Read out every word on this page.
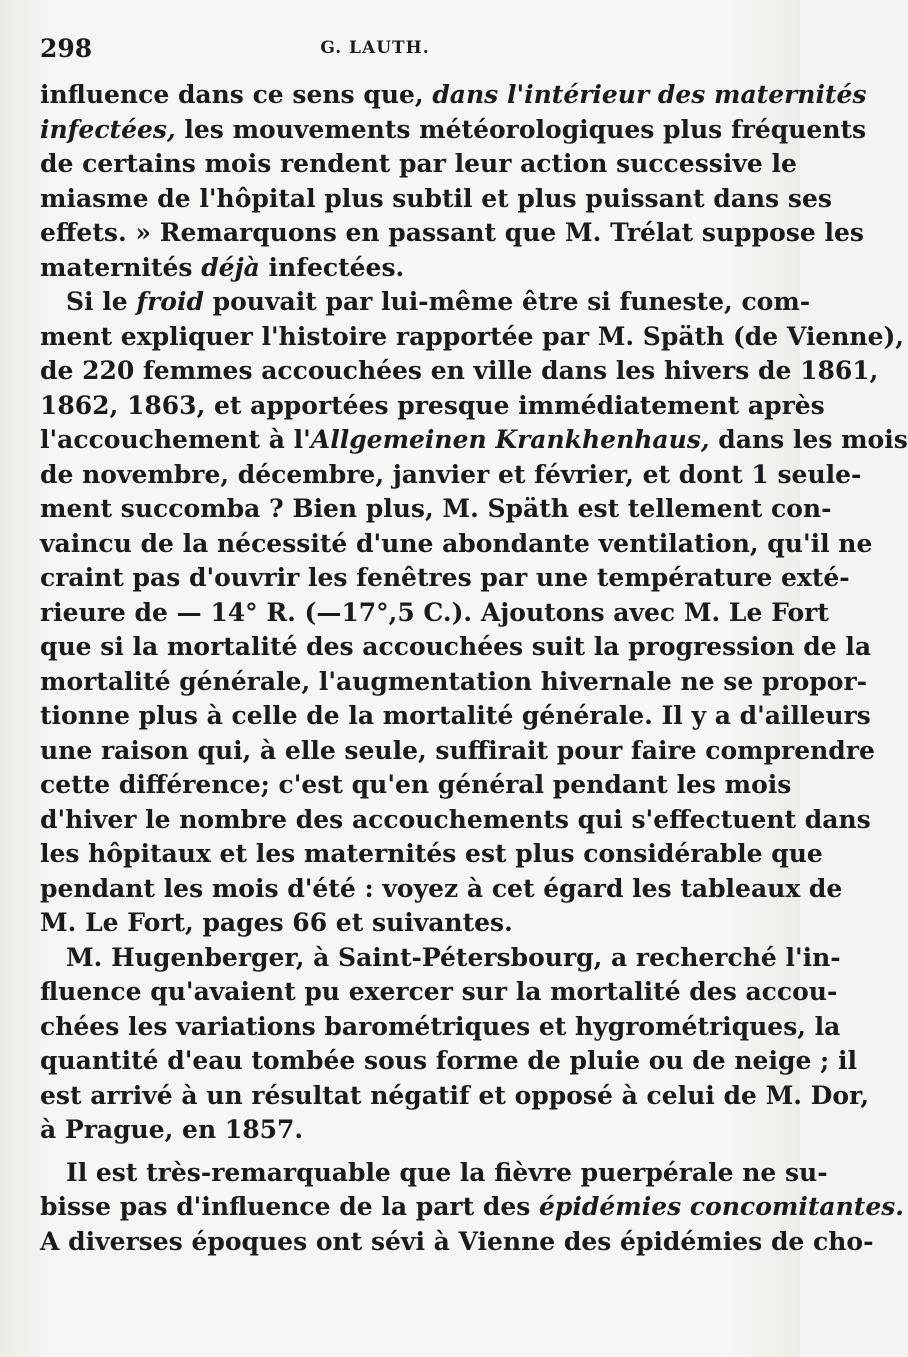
298	G. LAUTH.
influence dans ce sens que, dans l'intérieur des maternités
infectées, les mouvements météorologiques plus fréquents
de certains mois rendent par leur action successive le
miasme de l'hôpital plus subtil et plus puissant dans ses
effets. » Remarquons en passant que M. Trélat suppose les
maternités déjà infectées.
Si le froid pouvait par lui-même être si funeste, com-
ment expliquer l'histoire rapportée par M. Späth (de Vienne),
de 220 femmes accouchées en ville dans les hivers de 1861,
1862, 1863, et apportées presque immédiatement après
l'accouchement à l'Allgemeinen Krankhenhaus, dans les mois
de novembre, décembre, janvier et février, et dont 1 seule-
ment succomba ? Bien plus, M. Späth est tellement con-
vaincu de la nécessité d'une abondante ventilation, qu'il ne
craint pas d'ouvrir les fenêtres par une température exté-
rieure de — 14° R. (—17°,5 C.). Ajoutons avec M. Le Fort
que si la mortalité des accouchées suit la progression de la
mortalité générale, l'augmentation hivernale ne se propor-
tionne plus à celle de la mortalité générale. Il y a d'ailleurs
une raison qui, à elle seule, suffirait pour faire comprendre
cette différence; c'est qu'en général pendant les mois
d'hiver le nombre des accouchements qui s'effectuent dans
les hôpitaux et les maternités est plus considérable que
pendant les mois d'été : voyez à cet égard les tableaux de
M. Le Fort, pages 66 et suivantes.
M. Hugenberger, à Saint-Pétersbourg, a recherché l'in-
fluence qu'avaient pu exercer sur la mortalité des accou-
chées les variations barométriques et hygrométriques, la
quantité d'eau tombée sous forme de pluie ou de neige ; il
est arrivé à un résultat négatif et opposé à celui de M. Dor,
à Prague, en 1857.
Il est très-remarquable que la fièvre puerpérale ne su-
bisse pas d'influence de la part des épidémies concomitantes.
A diverses époques ont sévi à Vienne des épidémies de cho-
